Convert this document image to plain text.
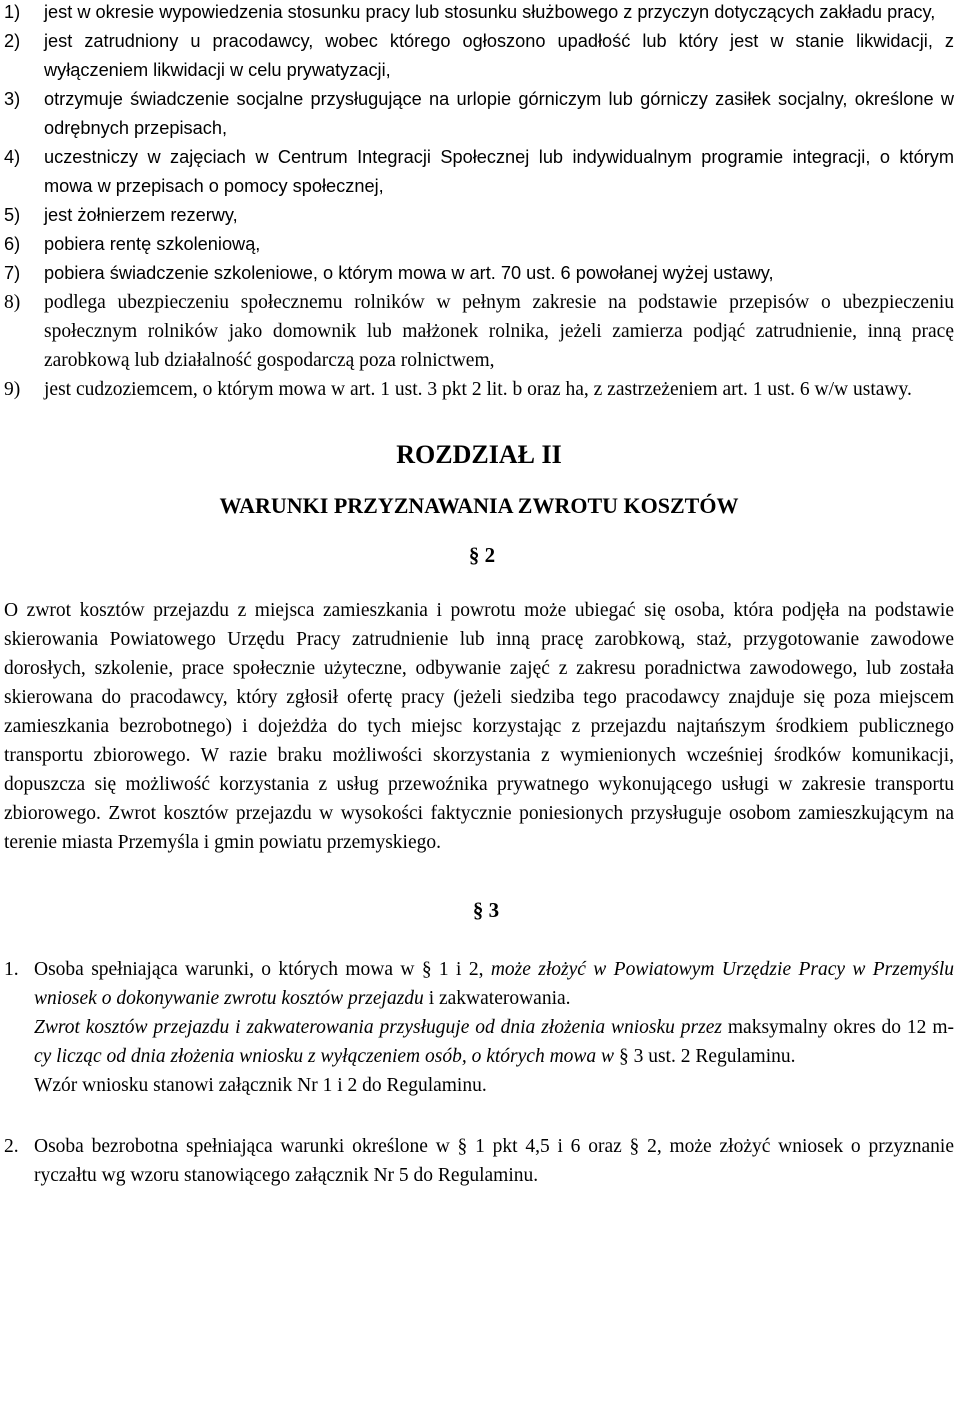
1) jest w okresie wypowiedzenia stosunku pracy lub stosunku służbowego z przyczyn dotyczących zakładu pracy,
2) jest zatrudniony u pracodawcy, wobec którego ogłoszono upadłość lub który jest w stanie likwidacji, z wyłączeniem likwidacji w celu prywatyzacji,
3) otrzymuje świadczenie socjalne przysługujące na urlopie górniczym lub górniczy zasiłek socjalny, określone w odrębnych przepisach,
4) uczestniczy w zajęciach w Centrum Integracji Społecznej lub indywidualnym programie integracji, o którym mowa w przepisach o pomocy społecznej,
5) jest żołnierzem rezerwy,
6) pobiera rentę szkoleniową,
7) pobiera świadczenie szkoleniowe, o którym mowa w art. 70 ust. 6 powołanej wyżej ustawy,
8) podlega ubezpieczeniu społecznemu rolników w pełnym zakresie na podstawie przepisów o ubezpieczeniu społecznym rolników jako domownik lub małżonek rolnika, jeżeli zamierza podjąć zatrudnienie, inną pracę zarobkową lub działalność gospodarczą poza rolnictwem,
9) jest cudzoziemcem, o którym mowa w art. 1 ust. 3 pkt 2 lit. b oraz ha, z zastrzeżeniem art. 1 ust. 6 w/w ustawy.
ROZDZIAŁ II
WARUNKI PRZYZNAWANIA ZWROTU KOSZTÓW
§ 2
O zwrot kosztów przejazdu z miejsca zamieszkania i powrotu może ubiegać się osoba, która podjęła na podstawie skierowania Powiatowego Urzędu Pracy zatrudnienie lub inną pracę zarobkową, staż, przygotowanie zawodowe dorosłych, szkolenie, prace społecznie użyteczne, odbywanie zajęć z zakresu poradnictwa zawodowego, lub została skierowana do pracodawcy, który zgłosił ofertę pracy (jeżeli siedziba tego pracodawcy znajduje się poza miejscem zamieszkania bezrobotnego) i dojeżdża do tych miejsc korzystając z przejazdu najtańszym środkiem publicznego transportu zbiorowego. W razie braku możliwości skorzystania z wymienionych wcześniej środków komunikacji, dopuszcza się możliwość korzystania z usług przewoźnika prywatnego wykonującego usługi w zakresie transportu zbiorowego. Zwrot kosztów przejazdu w wysokości faktycznie poniesionych przysługuje osobom zamieszkującym na terenie miasta Przemyśla i gmin powiatu przemyskiego.
§ 3
1. Osoba spełniająca warunki, o których mowa w § 1 i 2, może złożyć w Powiatowym Urzędzie Pracy w Przemyślu wniosek o dokonywanie zwrotu kosztów przejazdu i zakwaterowania.
Zwrot kosztów przejazdu i zakwaterowania przysługuje od dnia złożenia wniosku przez maksymalny okres do 12 m-cy licząc od dnia złożenia wniosku z wyłączeniem osób, o których mowa w § 3 ust. 2 Regulaminu.
Wzór wniosku stanowi załącznik Nr 1 i 2 do Regulaminu.
2. Osoba bezrobotna spełniająca warunki określone w § 1 pkt 4,5 i 6 oraz § 2, może złożyć wniosek o przyznanie ryczałtu wg wzoru stanowiącego załącznik Nr 5 do Regulaminu.
